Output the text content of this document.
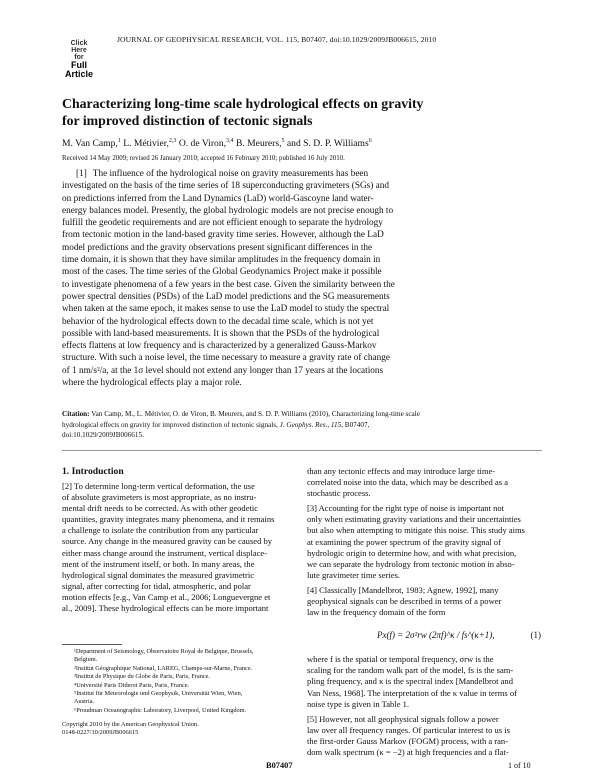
Click
Here
for
Full
Article
JOURNAL OF GEOPHYSICAL RESEARCH, VOL. 115, B07407, doi:10.1029/2009JB006615, 2010
Characterizing long-time scale hydrological effects on gravity
for improved distinction of tectonic signals
M. Van Camp,$^1$ L. Métivier,$^{2,3}$ O. de Viron,$^{3,4}$ B. Meurers,$^5$ and S. D. P. Williams$^6$
Received 14 May 2009; revised 26 January 2010; accepted 16 February 2010; published 16 July 2010.
[1] The influence of the hydrological noise on gravity measurements has been
investigated on the basis of the time series of 18 superconducting gravimeters (SGs) and
on predictions inferred from the Land Dynamics (LaD) world-Gascoyne land water-
energy balances model. Presently, the global hydrologic models are not precise enough to
fulfill the geodetic requirements and are not efficient enough to separate the hydrology
from tectonic motion in the land-based gravity time series. However, although the LaD
model predictions and the gravity observations present significant differences in the
time domain, it is shown that they have similar amplitudes in the frequency domain in
most of the cases. The time series of the Global Geodynamics Project make it possible
to investigate phenomena of a few years in the best case. Given the similarity between the
power spectral densities (PSDs) of the LaD model predictions and the SG measurements
when taken at the same epoch, it makes sense to use the LaD model to study the spectral
behavior of the hydrological effects down to the decadal time scale, which is not yet
possible with land-based measurements. It is shown that the PSDs of the hydrological
effects flattens at low frequency and is characterized by a generalized Gauss-Markov
structure. With such a noise level, the time necessary to measure a gravity rate of change
of 1 nm/s²/a, at the 1σ level should not extend any longer than 17 years at the locations
where the hydrological effects play a major role.
Citation: Van Camp, M., L. Métivier, O. de Viron, B. Meurers, and S. D. P. Williams (2010), Characterizing long-time scale
hydrological effects on gravity for improved distinction of tectonic signals, J. Geophys. Res., 115, B07407,
doi:10.1029/2009JB006615.
1. Introduction
[2] To determine long-term vertical deformation, the use
of absolute gravimeters is most appropriate, as no instru-
mental drift needs to be corrected. As with other geodetic
quantities, gravity integrates many phenomena, and it remains
a challenge to isolate the contribution from any particular
source. Any change in the measured gravity can be caused by
either mass change around the instrument, vertical displace-
ment of the instrument itself, or both. In many areas, the
hydrological signal dominates the measured gravimetric
signal, after correcting for tidal, atmospheric, and polar
motion effects [e.g., Van Camp et al., 2006; Longuevergne et
al., 2009]. These hydrological effects can be more important
¹Department of Seismology, Observatoire Royal de Belgique, Brussels,
Belgium.
²Institut Géographique National, LAREG, Champs-sur-Marne, France.
³Institut de Physique du Globe de Paris, Paris, France.
⁴Université Paris Diderot Paris, Paris, France.
⁵Institut für Meteorologie und Geophysik, Universität Wien, Wien,
Austria.
⁶Proudman Oceanographic Laboratory, Liverpool, United Kingdom.
Copyright 2010 by the American Geophysical Union.
0148-0227/10/2009JB006615
than any tectonic effects and may introduce large time-
correlated noise into the data, which may be described as a
stochastic process.
[3] Accounting for the right type of noise is important not
only when estimating gravity variations and their uncertainties
but also when attempting to mitigate this noise. This study aims
at examining the power spectrum of the gravity signal of
hydrologic origin to determine how, and with what precision,
we can separate the hydrology from tectonic motion in abso-
lute gravimeter time series.
[4] Classically [Mandelbrot, 1983; Agnew, 1992], many
geophysical signals can be described in terms of a power
law in the frequency domain of the form
Px(f) = 2σ²rw (2πf)^κ / fs^(κ+1),	(1)
where f is the spatial or temporal frequency, σrw is the
scaling for the random walk part of the model, fs is the sam-
pling frequency, and κ is the spectral index [Mandelbrot and
Van Ness, 1968]. The interpretation of the κ value in terms of
noise type is given in Table 1.
[5] However, not all geophysical signals follow a power
law over all frequency ranges. Of particular interest to us is
the first-order Gauss Markov (FOGM) process, with a ran-
dom walk spectrum (κ = −2) at high frequencies and a flat-
B07407	1 of 10
